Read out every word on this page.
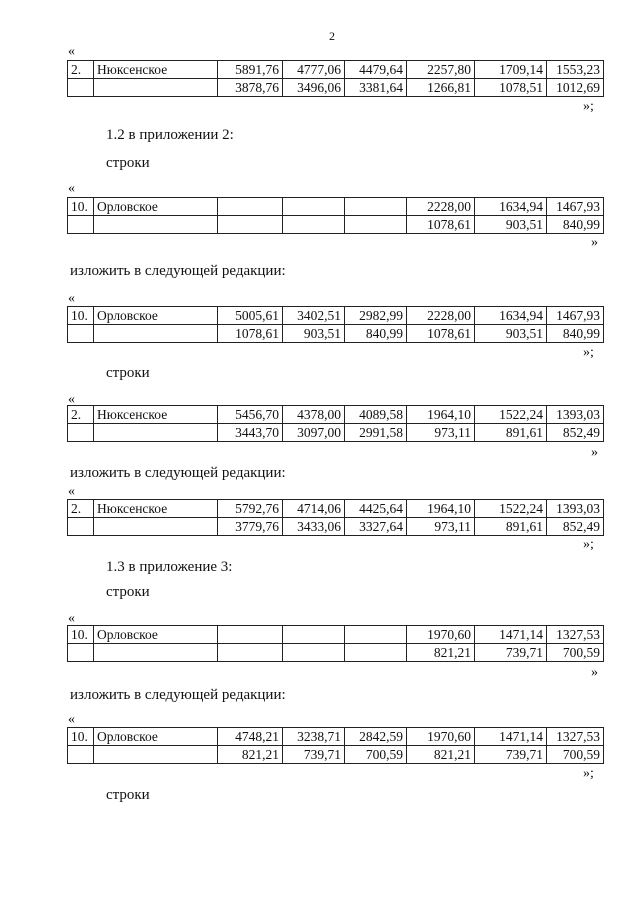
2
«
2.	Нюксенское	5891,76	4777,06	4479,64	2257,80	1709,14	1553,23
		3878,76	3496,06	3381,64	1266,81	1078,51	1012,69
»;
1.2 в приложении 2:
строки
«
10.	Орловское				2228,00	1634,94	1467,93
					1078,61	903,51	840,99
»
изложить в следующей редакции:
«
10.	Орловское	5005,61	3402,51	2982,99	2228,00	1634,94	1467,93
		1078,61	903,51	840,99	1078,61	903,51	840,99
»;
строки
«
2.	Нюксенское	5456,70	4378,00	4089,58	1964,10	1522,24	1393,03
		3443,70	3097,00	2991,58	973,11	891,61	852,49
»
изложить в следующей редакции:
«
2.	Нюксенское	5792,76	4714,06	4425,64	1964,10	1522,24	1393,03
		3779,76	3433,06	3327,64	973,11	891,61	852,49
»;
1.3 в приложение 3:
строки
«
10.	Орловское				1970,60	1471,14	1327,53
					821,21	739,71	700,59
»
изложить в следующей редакции:
«
10.	Орловское	4748,21	3238,71	2842,59	1970,60	1471,14	1327,53
		821,21	739,71	700,59	821,21	739,71	700,59
»;
строки
